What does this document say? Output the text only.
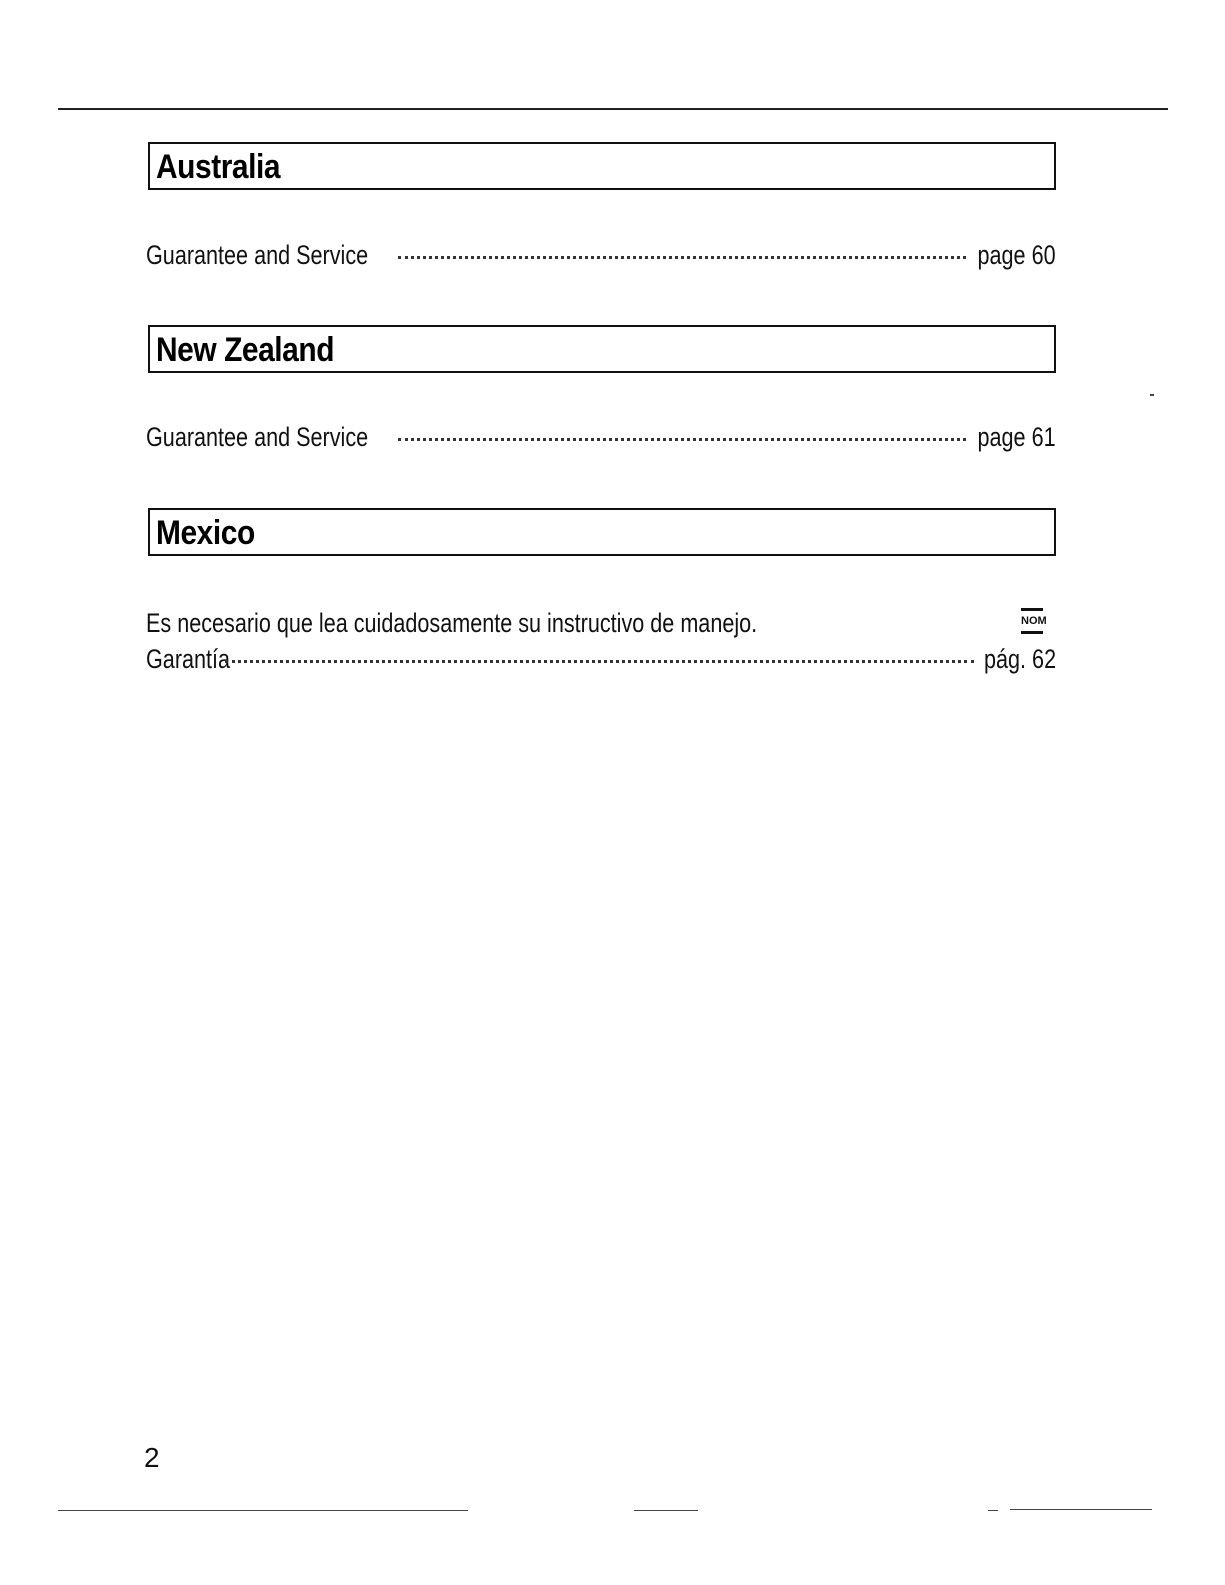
Australia
Guarantee and Service	page 60
New Zealand
Guarantee and Service	page 61
Mexico
Es necesario que lea cuidadosamente su instructivo de manejo.	NOM
Garantía	pág. 62
2
